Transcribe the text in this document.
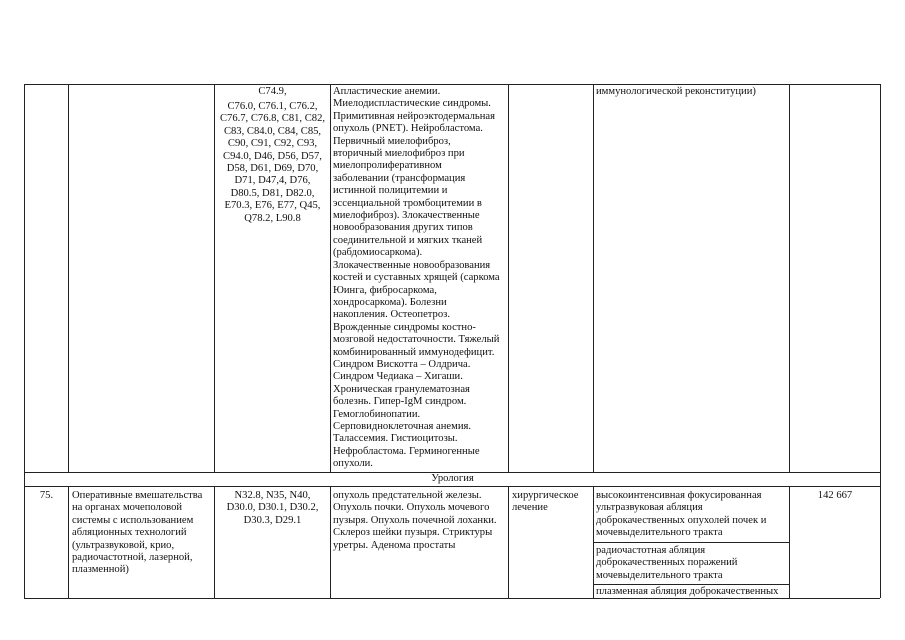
C74.9,
C76.0, C76.1, C76.2,
C76.7, C76.8, C81, C82,
C83, C84.0, C84, C85,
C90, C91, C92, C93,
C94.0, D46, D56, D57,
D58, D61, D69, D70,
D71, D47,4, D76,
D80.5, D81, D82.0,
E70.3, E76, E77, Q45,
Q78.2, L90.8
Апластические анемии.
Миелодиспластические синдромы.
Примитивная нейроэктодермальная
опухоль (PNET). Нейробластома.
Первичный миелофиброз,
вторичный миелофиброз при
миелопролиферативном
заболевании (трансформация
истинной полицитемии и
эссенциальной тромбоцитемии в
миелофиброз). Злокачественные
новообразования других типов
соединительной и мягких тканей
(рабдомиосаркома).
Злокачественные новообразования
костей и суставных хрящей (саркома
Юинга, фибросаркома,
хондросаркома). Болезни
накопления. Остеопетроз.
Врожденные синдромы костно-
мозговой недостаточности. Тяжелый
комбинированный иммунодефицит.
Синдром Вискотта – Олдрича.
Синдром Чедиака – Хигаши.
Хроническая гранулематозная
болезнь. Гипер-IgM синдром.
Гемоглобинопатии.
Серповидноклеточная анемия.
Талассемия. Гистиоцитозы.
Нефробластома. Герминогенные
опухоли.
иммунологической реконституции)
Урология
75.	Оперативные вмешательства
на органах мочеполовой
системы с использованием
абляционных технологий
(ультразвуковой, крио,
радиочастотной, лазерной,
плазменной)
N32.8, N35, N40,
D30.0, D30.1, D30.2,
D30.3, D29.1
опухоль предстательной железы.
Опухоль почки. Опухоль мочевого
пузыря. Опухоль почечной лоханки.
Склероз шейки пузыря. Стриктуры
уретры. Аденома простаты
хирургическое
лечение
высокоинтенсивная фокусированная
ультразвуковая абляция
доброкачественных опухолей почек и
мочевыделительного тракта
радиочастотная абляция
доброкачественных поражений
мочевыделительного тракта
плазменная абляция доброкачественных
142 667
